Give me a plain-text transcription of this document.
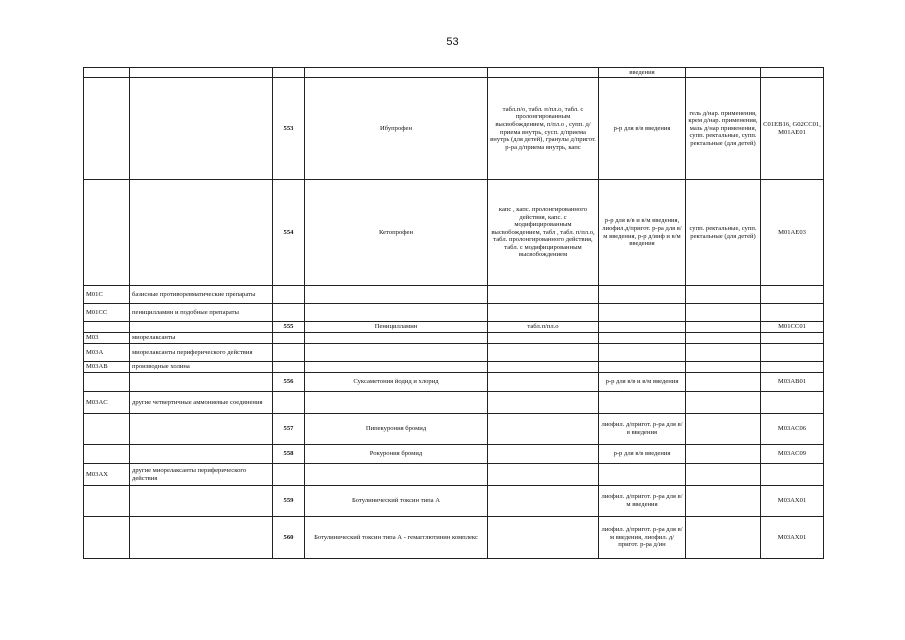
53
					введения		
		553	Ибупрофен	табл.п/о, табл. п/пл.о, табл. с пролонгированным высвобождением, п/пл.о , супп. д/приема внутрь, сусп. д/приема внутрь (для детей), гранулы д/пригот. р-ра д/приема внутрь, капс	р-р для в/в введения	гель д/нар. применения, крем д/нар. применения, мазь д/нар применения, супп. ректальные, супп. ректальные (для детей)	C01EB16, G02CC01, M01AE01
		554	Кетопрофен	капс , капс. пролонгированного действия, капс. с модифицированным высвобождением, табл , табл. п/пл.о, табл. пролонгированного действия, табл. с модифицированным высвобождением	р-р для в/в и в/м введения, лиофил.д/пригот. р-ра для в/м введения, р-р д/инф и в/м введения	супп. ректальные, супп. ректальные (для детей)	M01AE03
M01C	базисные противоревматические препараты						
M01CC	пеницилламин и подобные препараты						
		555	Пеницилламин	табл.п/пл.о			M01CC01
M03	миорелаксанты						
M03A	миорелаксанты периферического действия						
M03AB	производные холина						
		556	Суксаметония йодид и хлорид		р-р для в/в и в/м введения		M03AB01
M03AC	другие четвертичные аммониевые соединения						
		557	Пипекурония бромид		лиофил. д/пригот. р-ра для в/в введения		M03AC06
		558	Рокурония бромид		р-р для в/в введения		M03AC09
M03AX	другие миорелаксанты периферического действия						
		559	Ботулинический токсин типа А		лиофил. д/пригот. р-ра для в/м введения		M03AX01
		560	Ботулинический токсин типа А - гемагглютинин комплекс		лиофил. д/пригот. р-ра для в/м введения, лиофил. д/пригот. р-ра д/ин		M03AX01
